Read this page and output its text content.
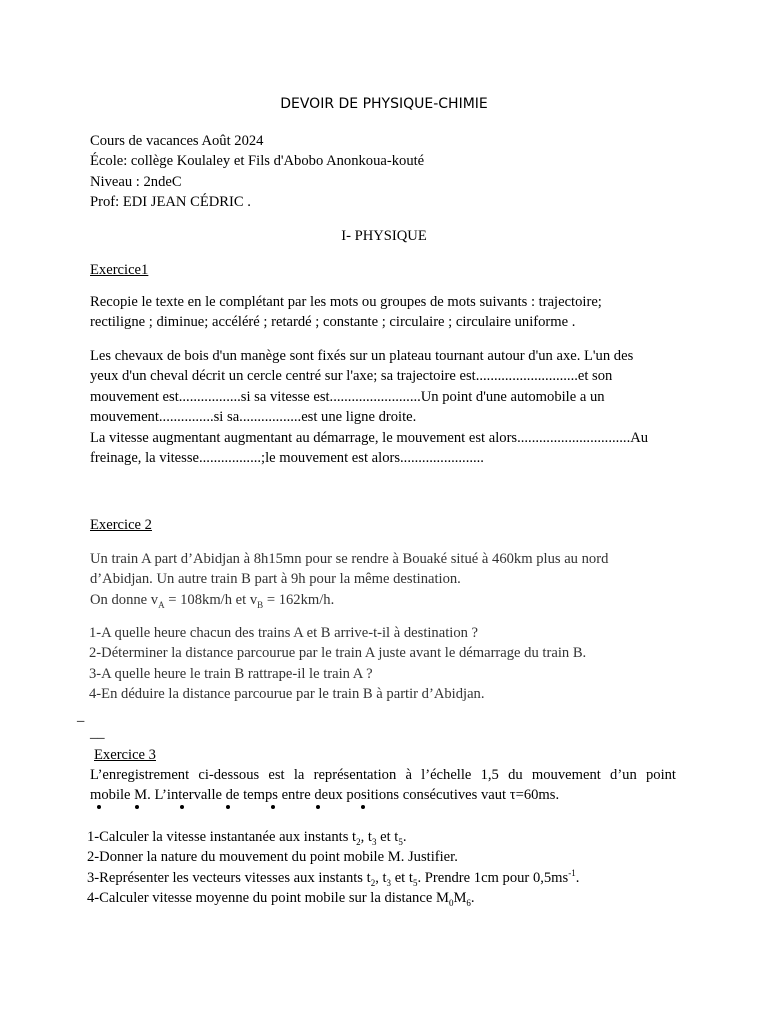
DEVOIR DE PHYSIQUE-CHIMIE

Cours de vacances Août 2024

École: collège Koulaley et Fils d'Abobo Anonkoua-kouté

Niveau : 2ndeC

Prof: EDI JEAN CÉDRIC .

I- PHYSIQUE
Exercice1

Recopie le texte en le complétant par les mots ou groupes de mots suivants : trajectoire;

rectiligne ; diminue; accéléré ; retardé ; constante ; circulaire ; circulaire uniforme .

Les chevaux de bois d'un manège sont fixés sur un plateau tournant autour d'un axe. L'un des

yeux d'un cheval décrit un cercle centré sur l'axe; sa trajectoire est............................et son

mouvement est.................si sa vitesse est.........................Un point d'une automobile a un

mouvement...............si sa.................est une ligne droite.

La vitesse augmentant augmentant au démarrage, le mouvement est alors...............................Au

freinage, la vitesse.................;le mouvement est alors.......................

Exercice 2

Un train A part d’Abidjan à 8h15mn pour se rendre à Bouaké situé à 460km plus au nord

d’Abidjan. Un autre train B part à 9h pour la même destination.

On donne $v_A = 108km/h$ et $v_B = 162km/h$.

1-A quelle heure chacun des trains A et B arrive-t-il à destination ?

2-Déterminer la distance parcourue par le train A juste avant le démarrage du train B.

3-A quelle heure le train B rattrape-il le train A ?

4-En déduire la distance parcourue par le train B à partir d’Abidjan.

_
__
Exercice 3

L’enregistrement ci-dessous est la représentation à l’échelle 1,5 du mouvement d’un point

mobile M. L’intervalle de temps entre deux positions consécutives vaut τ=60ms.

1-Calculer la vitesse instantanée aux instants $t_2$, $t_3$ et $t_5$.

2-Donner la nature du mouvement du point mobile M. Justifier.

3-Représenter les vecteurs vitesses aux instants $t_2$, $t_3$ et $t_5$. Prendre 1cm pour $0,5ms^{-1}$.

4-Calculer vitesse moyenne du point mobile sur la distance $M_0M_6$.
